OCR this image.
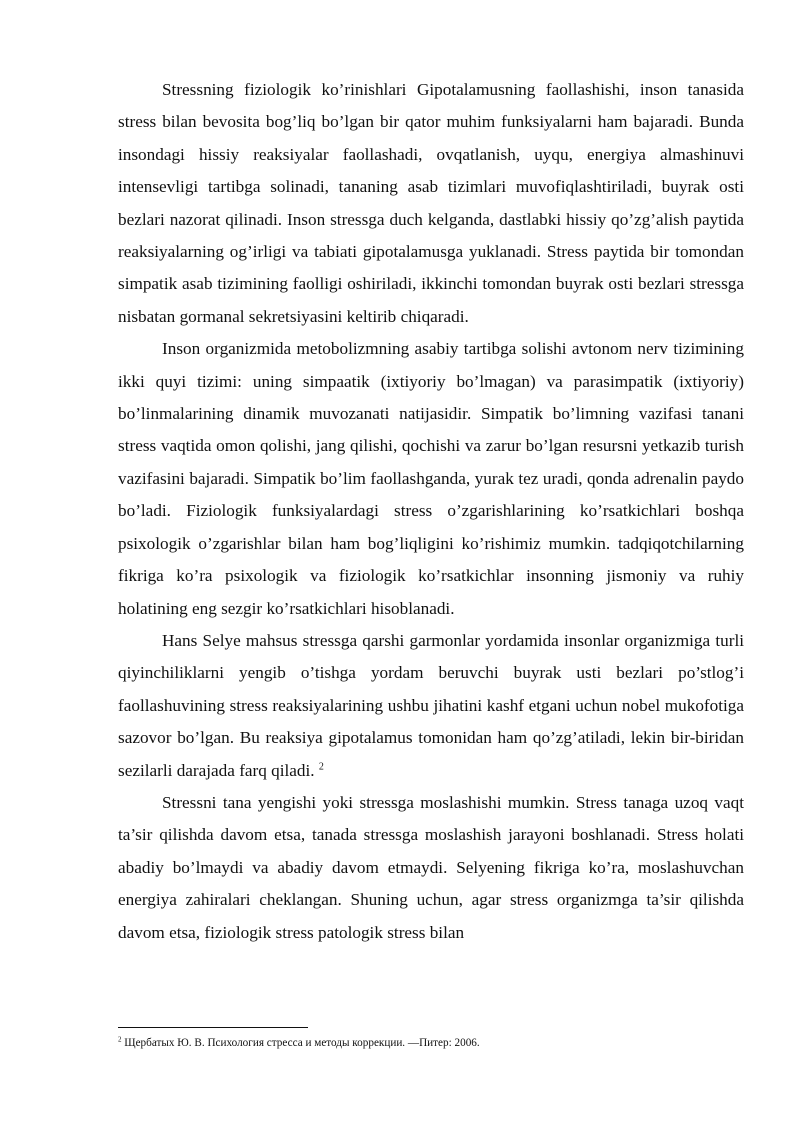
Stressning fiziologik ko’rinishlari Gipotalamusning faollashishi, inson tanasida stress bilan bevosita bog’liq bo’lgan bir qator muhim funksiyalarni ham bajaradi. Bunda insondagi hissiy reaksiyalar faollashadi, ovqatlanish, uyqu, energiya almashinuvi intensevligi tartibga solinadi, tananing asab tizimlari muvofiqlashtiriladi, buyrak osti bezlari nazorat qilinadi. Inson stressga duch kelganda, dastlabki hissiy qo’zg’alish paytida reaksiyalarning og’irligi va tabiati gipotalamusga yuklanadi. Stress paytida bir tomondan simpatik asab tizimining faolligi oshiriladi, ikkinchi tomondan buyrak osti bezlari stressga nisbatan gormanal sekretsiyasini keltirib chiqaradi.

Inson organizmida metobolizmning asabiy tartibga solishi avtonom nerv tizimining ikki quyi tizimi: uning simpaatik (ixtiyoriy bo’lmagan) va parasimpatik (ixtiyoriy) bo’linmalarining dinamik muvozanati natijasidir. Simpatik bo’limning vazifasi tanani stress vaqtida omon qolishi, jang qilishi, qochishi va zarur bo’lgan resursni yetkazib turish vazifasini bajaradi. Simpatik bo’lim faollashganda, yurak tez uradi, qonda adrenalin paydo bo’ladi. Fiziologik funksiyalardagi stress o’zgarishlarining ko’rsatkichlari boshqa psixologik o’zgarishlar bilan ham bog’liqligini ko’rishimiz mumkin. tadqiqotchilarning fikriga ko’ra psixologik va fiziologik ko’rsatkichlar insonning jismoniy va ruhiy holatining eng sezgir ko’rsatkichlari hisoblanadi.

Hans Selye mahsus stressga qarshi garmonlar yordamida insonlar organizmiga turli qiyinchiliklarni yengib o’tishga yordam beruvchi buyrak usti bezlari po’stlog’i faollashuvining stress reaksiyalarining ushbu jihatini kashf etgani uchun nobel mukofotiga sazovor bo’lgan. Bu reaksiya gipotalamus tomonidan ham qo’zg’atiladi, lekin bir-biridan sezilarli darajada farq qiladi. $^2$

Stressni tana yengishi yoki stressga moslashishi mumkin. Stress tanaga uzoq vaqt ta’sir qilishda davom etsa, tanada stressga moslashish jarayoni boshlanadi. Stress holati abadiy bo’lmaydi va abadiy davom etmaydi. Selyening fikriga ko’ra, moslashuvchan energiya zahiralari cheklangan. Shuning uchun, agar stress organizmga ta’sir qilishda davom etsa, fiziologik stress patologik stress bilan

$^2$ Щербатых Ю. В. Психология стресса и методы коррекции. —Питер: 2006.
